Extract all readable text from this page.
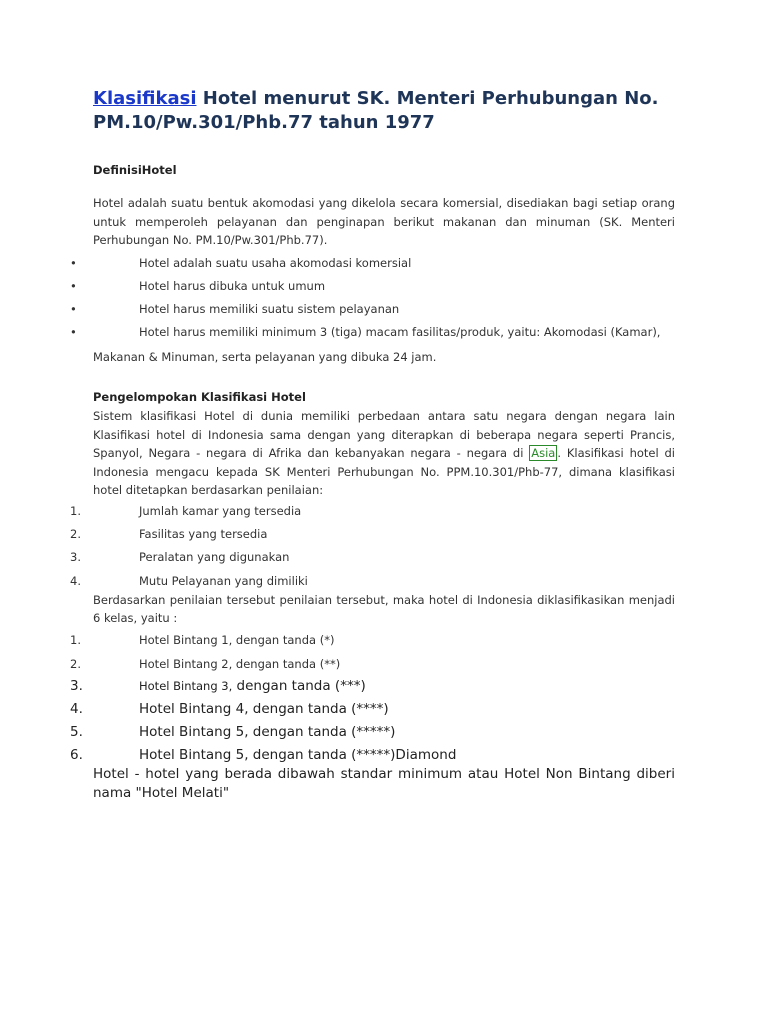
Klasifikasi Hotel menurut SK. Menteri Perhubungan No. PM.10/Pw.301/Phb.77 tahun 1977
DefinisiHotel

Hotel adalah suatu bentuk akomodasi yang dikelola secara komersial, disediakan bagi setiap orang untuk memperoleh pelayanan dan penginapan berikut makanan dan minuman (SK. Menteri Perhubungan No. PM.10/Pw.301/Phb.77).

•	Hotel adalah suatu usaha akomodasi komersial
•	Hotel harus dibuka untuk umum
•	Hotel harus memiliki suatu sistem pelayanan
•	Hotel harus memiliki minimum 3 (tiga) macam fasilitas/produk, yaitu: Akomodasi (Kamar),
Makanan & Minuman, serta pelayanan yang dibuka 24 jam.
Pengelompokan Klasifikasi Hotel

Sistem klasifikasi Hotel di dunia memiliki perbedaan antara satu negara dengan negara lain Klasifikasi hotel di Indonesia sama dengan yang diterapkan di beberapa negara seperti Prancis, Spanyol, Negara - negara di Afrika dan kebanyakan negara - negara di Asia . Klasifikasi hotel di Indonesia mengacu kepada SK Menteri Perhubungan No. PPM.10.301/Phb-77, dimana klasifikasi hotel ditetapkan berdasarkan penilaian:

1.	Jumlah kamar yang tersedia
2.	Fasilitas yang tersedia
3.	Peralatan yang digunakan
4.	Mutu Pelayanan yang dimiliki

Berdasarkan penilaian tersebut penilaian tersebut, maka hotel di Indonesia diklasifikasikan menjadi 6 kelas, yaitu :

1.	Hotel Bintang 1, dengan tanda (*)
2.	Hotel Bintang 2, dengan tanda (**)
3.	Hotel Bintang 3, dengan tanda (***)
4.	Hotel Bintang 4, dengan tanda (****)
5.	Hotel Bintang 5, dengan tanda (*****)
6.	Hotel Bintang 5, dengan tanda (*****)Diamond

Hotel - hotel yang berada dibawah standar minimum atau Hotel Non Bintang diberi nama "Hotel Melati"
